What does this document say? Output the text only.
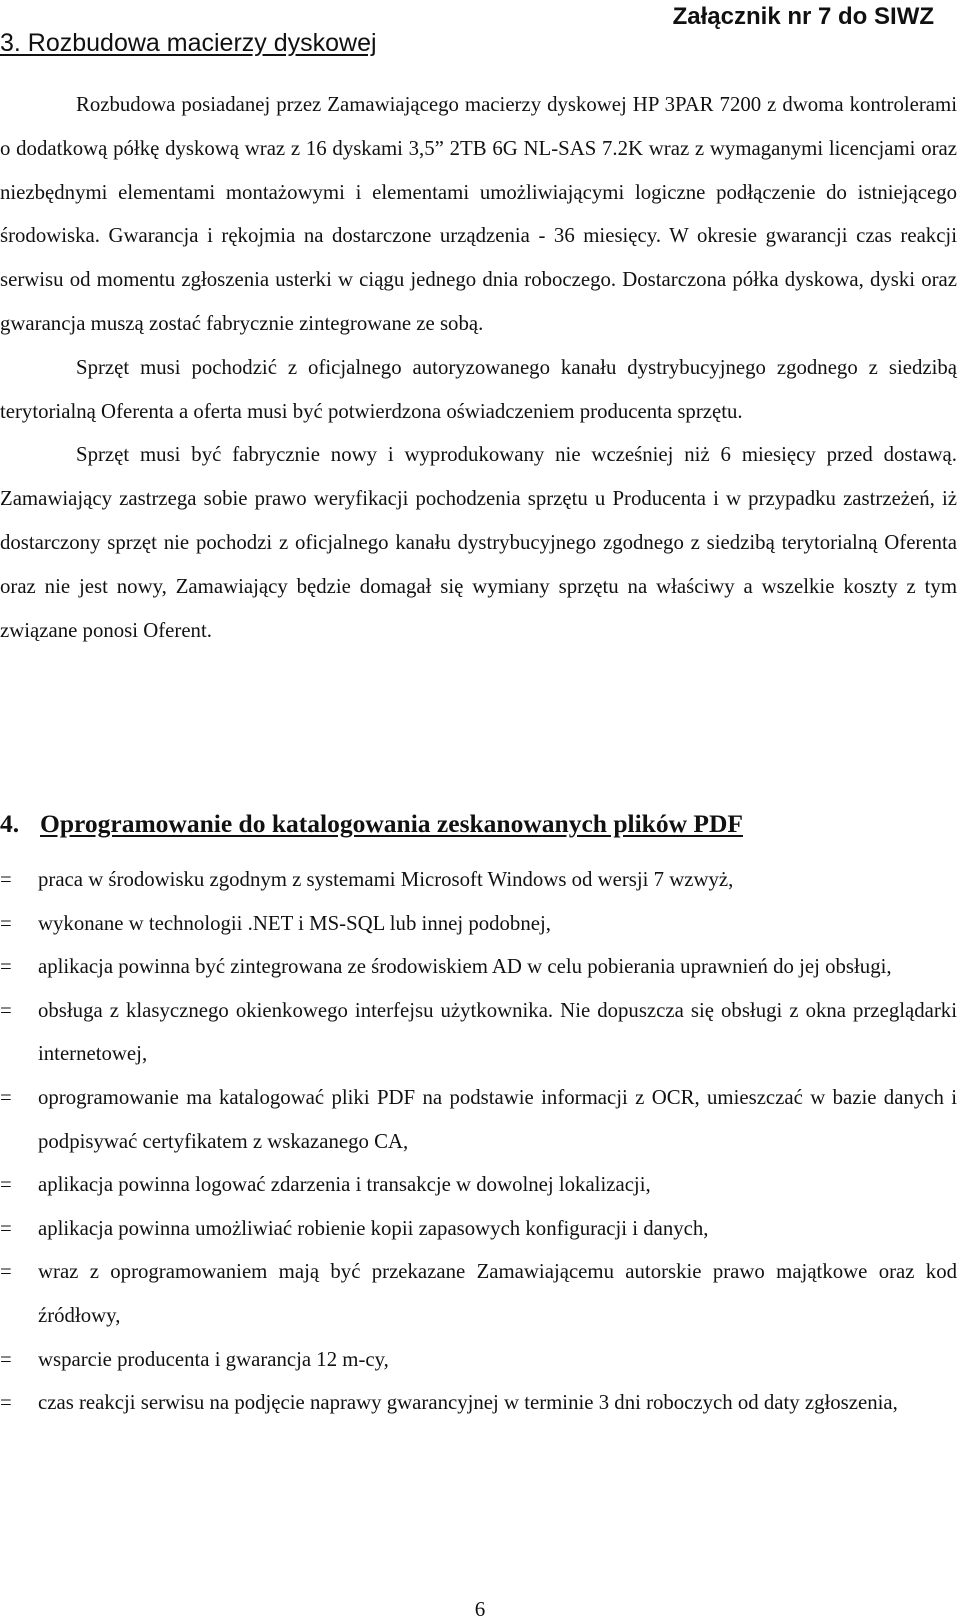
Załącznik nr 7 do SIWZ
3. Rozbudowa macierzy dyskowej

Rozbudowa posiadanej przez Zamawiającego macierzy dyskowej HP 3PAR 7200 z dwoma kontrolerami o dodatkową półkę dyskową wraz z 16 dyskami 3,5” 2TB 6G NL-SAS 7.2K wraz z wymaganymi licencjami oraz niezbędnymi elementami montażowymi i elementami umożliwiającymi logiczne podłączenie do istniejącego środowiska. Gwarancja i rękojmia na dostarczone urządzenia - 36 miesięcy. W okresie gwarancji czas reakcji serwisu od momentu zgłoszenia usterki w ciągu jednego dnia roboczego. Dostarczona półka dyskowa, dyski oraz gwarancja muszą zostać fabrycznie zintegrowane ze sobą.

Sprzęt musi pochodzić z oficjalnego autoryzowanego kanału dystrybucyjnego zgodnego z siedzibą terytorialną Oferenta a oferta musi być potwierdzona oświadczeniem producenta sprzętu.

Sprzęt musi być fabrycznie nowy i wyprodukowany nie wcześniej niż 6 miesięcy przed dostawą. Zamawiający zastrzega sobie prawo weryfikacji pochodzenia sprzętu u Producenta i w przypadku zastrzeżeń, iż dostarczony sprzęt nie pochodzi z oficjalnego kanału dystrybucyjnego zgodnego z siedzibą terytorialną Oferenta oraz nie jest nowy, Zamawiający będzie domagał się wymiany sprzętu na właściwy a wszelkie koszty z tym związane ponosi Oferent.

4. Oprogramowanie do katalogowania zeskanowanych plików PDF
=	praca w środowisku zgodnym z systemami Microsoft Windows od wersji 7 wzwyż,
=	wykonane w technologii .NET i MS-SQL lub innej podobnej,
=	aplikacja powinna być zintegrowana ze środowiskiem AD w celu pobierania uprawnień do jej obsługi,
=	obsługa z klasycznego okienkowego interfejsu użytkownika. Nie dopuszcza się obsługi z okna przeglądarki internetowej,
=	oprogramowanie ma katalogować pliki PDF na podstawie informacji z OCR, umieszczać w bazie danych i podpisywać certyfikatem z wskazanego CA,
=	aplikacja powinna logować zdarzenia i transakcje w dowolnej lokalizacji,
=	aplikacja powinna umożliwiać robienie kopii zapasowych konfiguracji i danych,
=	wraz z oprogramowaniem mają być przekazane Zamawiającemu autorskie prawo majątkowe oraz kod źródłowy,
=	wsparcie producenta i gwarancja 12 m-cy,
=	czas reakcji serwisu na podjęcie naprawy gwarancyjnej w terminie 3 dni roboczych od daty zgłoszenia,
6
